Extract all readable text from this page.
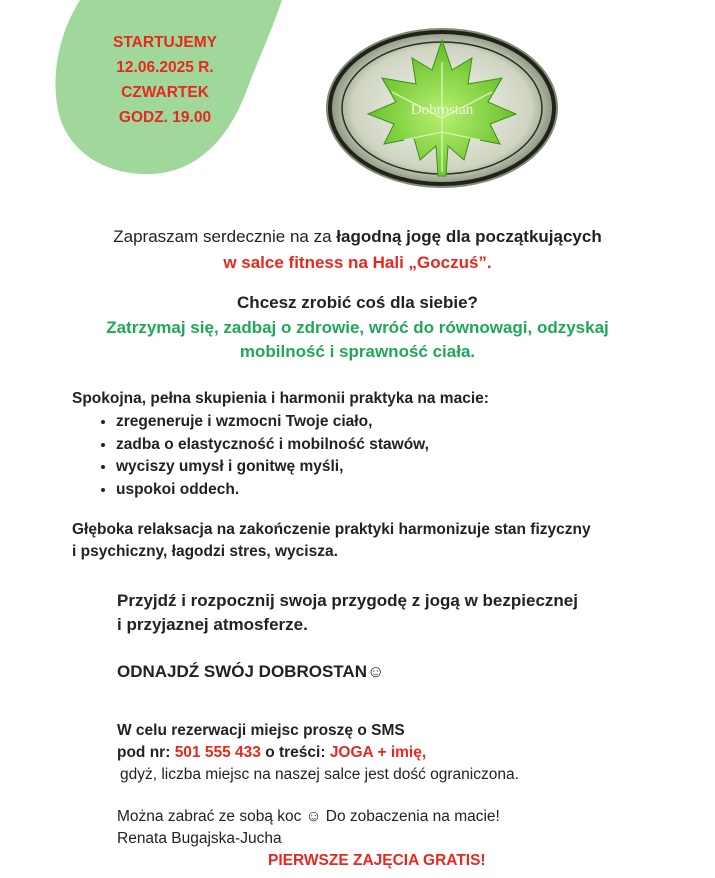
STARTUJEMY
12.06.2025 R.
CZWARTEK
GODZ. 19.00	Dobrostan
Zapraszam serdecznie na za łagodną jogę dla początkujących
w salce fitness na Hali „Goczuś”.
Chcesz zrobić coś dla siebie?
Zatrzymaj się, zadbaj o zdrowie, wróć do równowagi, odzyskaj
mobilność i sprawność ciała.
Spokojna, pełna skupienia i harmonii praktyka na macie:
• zregeneruje i wzmocni Twoje ciało,
• zadba o elastyczność i mobilność stawów,
• wyciszy umysł i gonitwę myśli,
• uspokoi oddech.
Głęboka relaksacja na zakończenie praktyki harmonizuje stan fizyczny
i psychiczny, łagodzi stres, wycisza.
Przyjdź i rozpocznij swoja przygodę z jogą w bezpiecznej
i przyjaznej atmosferze.
ODNAJDŹ SWÓJ DOBROSTAN☺
W celu rezerwacji miejsc proszę o SMS
pod nr: 501 555 433 o treści: JOGA + imię,
gdyż, liczba miejsc na naszej salce jest dość ograniczona.
Można zabrać ze sobą koc ☺ Do zobaczenia na macie!
Renata Bugajska-Jucha
PIERWSZE ZAJĘCIA GRATIS!
